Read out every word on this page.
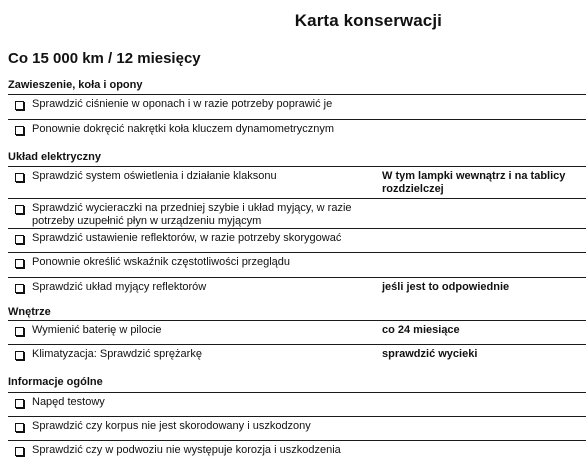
Karta konserwacji
Co 15 000 km / 12 miesięcy
Zawieszenie, koła i opony
Sprawdzić ciśnienie w oponach i w razie potrzeby poprawić je
Ponownie dokręcić nakrętki koła kluczem dynamometrycznym
Układ elektryczny
Sprawdzić system oświetlenia i działanie klaksonu	W tym lampki wewnątrz i na tablicy rozdzielczej
Sprawdzić wycieraczki na przedniej szybie i układ myjący, w razie potrzeby uzupełnić płyn w urządzeniu myjącym
Sprawdzić ustawienie reflektorów, w razie potrzeby skorygować
Ponownie określić wskaźnik częstotliwości przeglądu
Sprawdzić układ myjący reflektorów	jeśli jest to odpowiednie
Wnętrze
Wymienić baterię w pilocie	co 24 miesiące
Klimatyzacja: Sprawdzić sprężarkę	sprawdzić wycieki
Informacje ogólne
Napęd testowy
Sprawdzić czy korpus nie jest skorodowany i uszkodzony
Sprawdzić czy w podwoziu nie występuje korozja i uszkodzenia
